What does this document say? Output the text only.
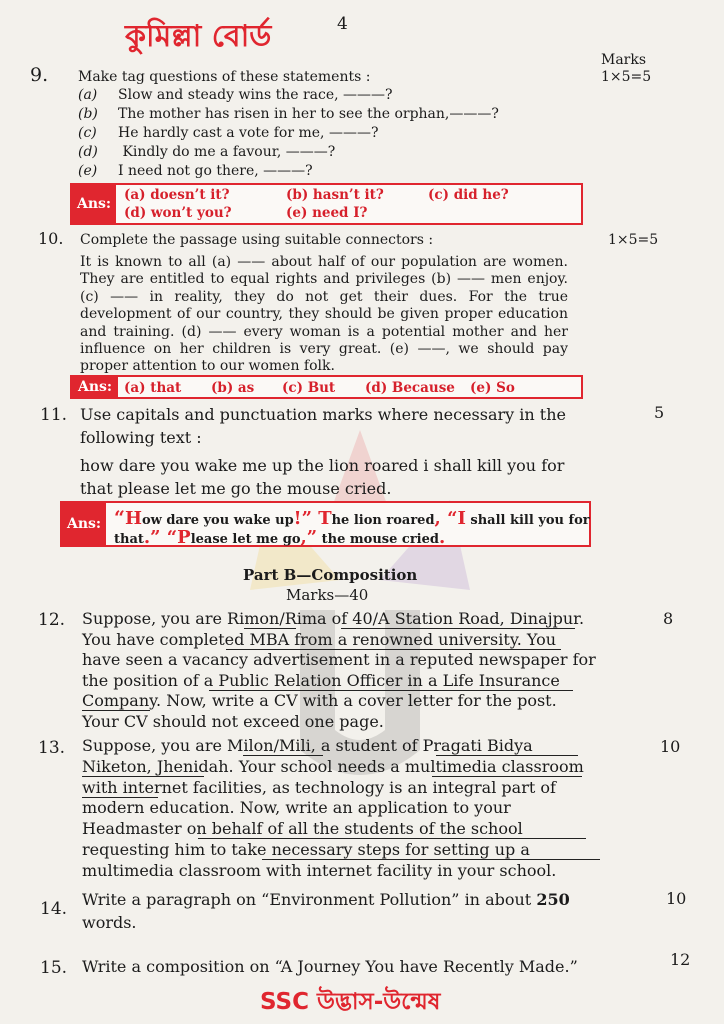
কুমিল্লা বোর্ড	4
Marks
1×5=5
9. Make tag questions of these statements :
(a) Slow and steady wins the race, ———?
(b) The mother has risen in her to see the orphan,———?
(c) He hardly cast a vote for me, ———?
(d) Kindly do me a favour, ———?
(e) I need not go there, ———?
Ans:
(a) doesn’t it?	(b) hasn’t it?	(c) did he?
(d) won’t you?	(e) need I?
10. Complete the passage using suitable connectors :	1×5=5
It is known to all (a) —— about half of our population are women. They are entitled to equal rights and privileges (b) —— men enjoy. (c) —— in reality, they do not get their dues. For the true development of our country, they should be given proper education and training. (d) —— every woman is a potential mother and her influence on her children is very great. (e) ——, we should pay proper attention to our women folk.
Ans: (a) that (b) as (c) But (d) Because (e) So
11. Use capitals and punctuation marks where necessary in the
following text :
5
how dare you wake me up the lion roared i shall kill you for
that please let me go the mouse cried.
Ans: “How dare you wake up!” The lion roared, “I shall kill you for
that.” “Please let me go,” the mouse cried.
Part B—Composition
Marks—40
12. Suppose, you are Rimon/Rima of 40/A Station Road, Dinajpur.
You have completed MBA from a renowned university. You
have seen a vacancy advertisement in a reputed newspaper for
the position of a Public Relation Officer in a Life Insurance
Company. Now, write a CV with a cover letter for the post.
Your CV should not exceed one page.
8
13. Suppose, you are Milon/Mili, a student of Pragati Bidya
Niketon, Jhenidah. Your school needs a multimedia classroom
with internet facilities, as technology is an integral part of
modern education. Now, write an application to your
Headmaster on behalf of all the students of the school
requesting him to take necessary steps for setting up a
multimedia classroom with internet facility in your school.
10
14. Write a paragraph on “Environment Pollution” in about 250
words.
10
15. Write a composition on “A Journey You have Recently Made.”	12
SSC উদ্ভাস-উন্মেষ
